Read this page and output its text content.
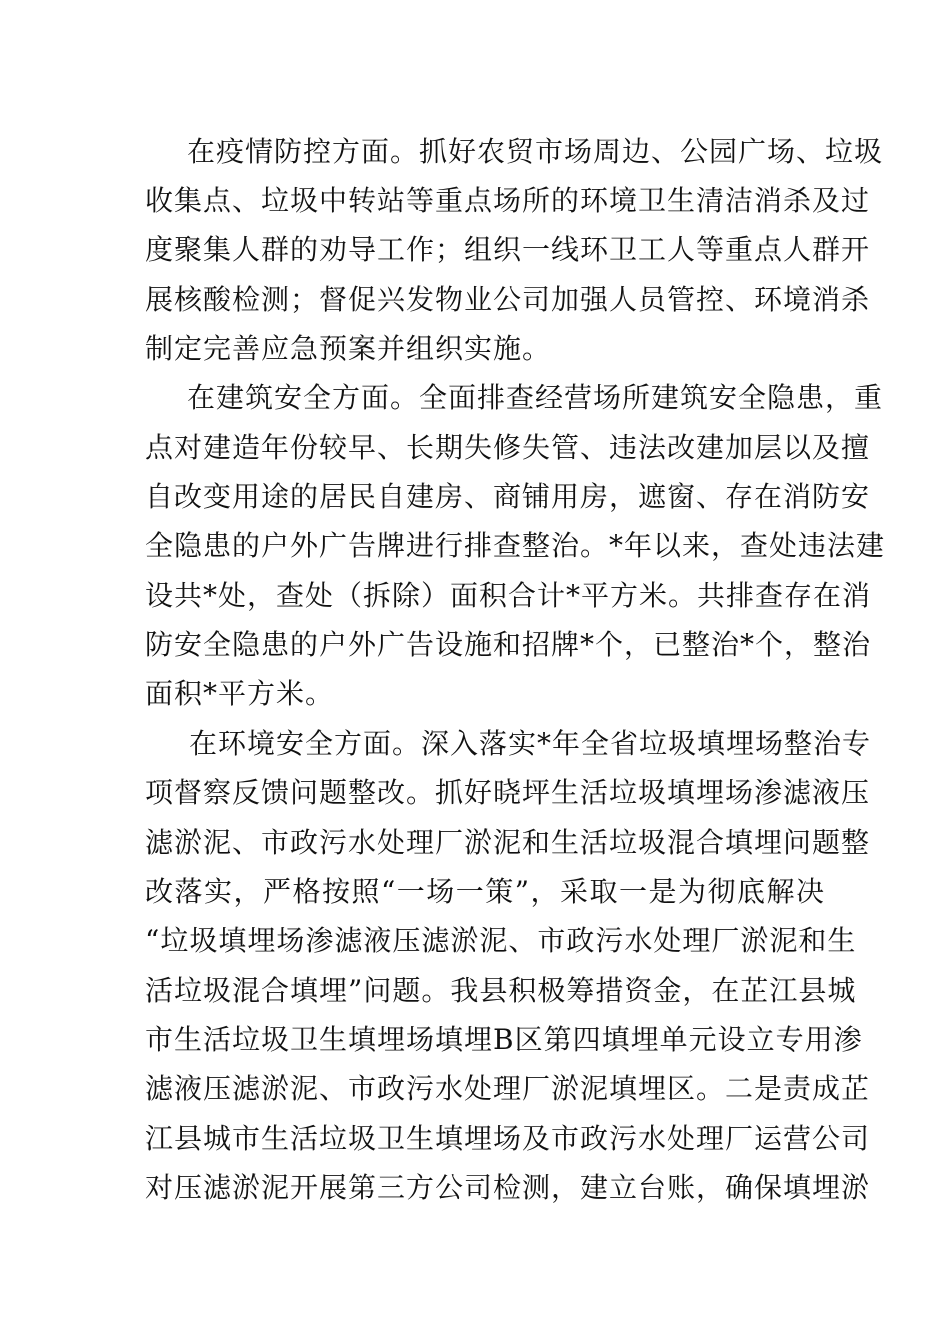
在疫情防控方面。抓好农贸市场周边、公园广场、垃圾
收集点、垃圾中转站等重点场所的环境卫生清洁消杀及过
度聚集人群的劝导工作；组织一线环卫工人等重点人群开
展核酸检测；督促兴发物业公司加强人员管控、环境消杀
制定完善应急预案并组织实施。
在建筑安全方面。全面排查经营场所建筑安全隐患，重
点对建造年份较早、长期失修失管、违法改建加层以及擅
自改变用途的居民自建房、商铺用房，遮窗、存在消防安
全隐患的户外广告牌进行排查整治。*年以来，查处违法建
设共*处，查处（拆除）面积合计*平方米。共排查存在消
防安全隐患的户外广告设施和招牌*个，已整治*个，整治
面积*平方米。
在环境安全方面。深入落实*年全省垃圾填埋场整治专
项督察反馈问题整改。抓好晓坪生活垃圾填埋场渗滤液压
滤淤泥、市政污水处理厂淤泥和生活垃圾混合填埋问题整
改落实，严格按照“一场一策”，采取一是为彻底解决
“垃圾填埋场渗滤液压滤淤泥、市政污水处理厂淤泥和生
活垃圾混合填埋”问题。我县积极筹措资金，在芷江县城
市生活垃圾卫生填埋场填埋B区第四填埋单元设立专用渗
滤液压滤淤泥、市政污水处理厂淤泥填埋区。二是责成芷
江县城市生活垃圾卫生填埋场及市政污水处理厂运营公司
对压滤淤泥开展第三方公司检测，建立台账，确保填埋淤
